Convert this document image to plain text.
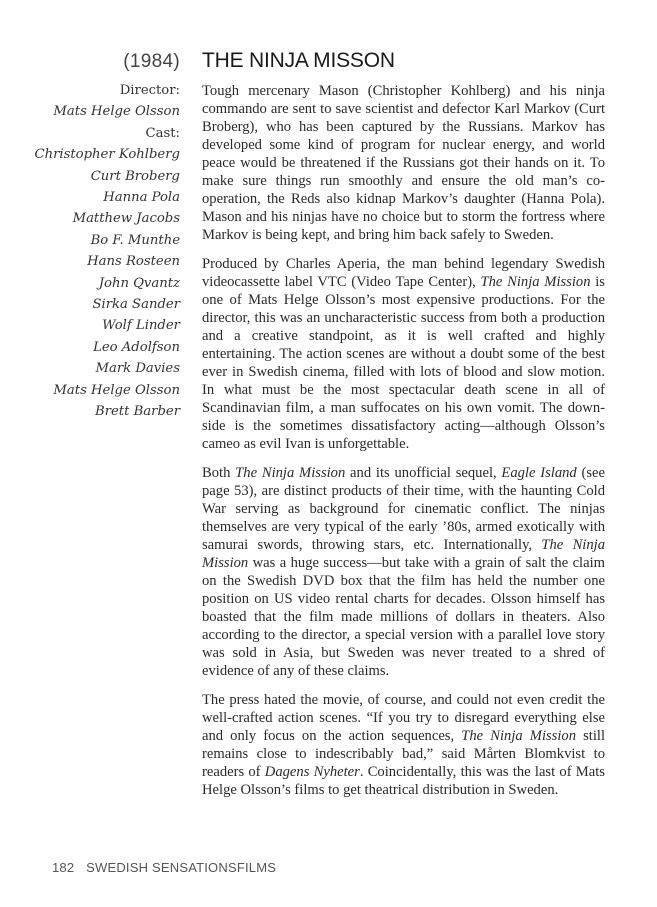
(1984)
Director:
Mats Helge Olsson
Cast:
Christopher Kohlberg
Curt Broberg
Hanna Pola
Matthew Jacobs
Bo F. Munthe
Hans Rosteen
John Qvantz
Sirka Sander
Wolf Linder
Leo Adolfson
Mark Davies
Mats Helge Olsson
Brett Barber
THE NINJA MISSON

Tough mercenary Mason (Christopher Kohlberg) and his ninja commando are sent to save scientist and defector Karl Markov (Curt Broberg), who has been captured by the Russians. Markov has developed some kind of program for nuclear energy, and world peace would be threatened if the Russians got their hands on it. To make sure things run smoothly and ensure the old man’s co-operation, the Reds also kidnap Markov’s daughter (Hanna Pola). Mason and his ninjas have no choice but to storm the fortress where Markov is being kept, and bring him back safely to Sweden.

Produced by Charles Aperia, the man behind legendary Swedish videocassette label VTC (Video Tape Center), The Ninja Mission is one of Mats Helge Olsson’s most expensive productions. For the director, this was an uncharacteristic success from both a production and a creative standpoint, as it is well crafted and highly entertaining. The action scenes are without a doubt some of the best ever in Swedish cinema, filled with lots of blood and slow motion. In what must be the most spectacular death scene in all of Scandinavian film, a man suffocates on his own vomit. The downside is the sometimes dissatisfactory acting—although Olsson’s cameo as evil Ivan is unforgettable.

Both The Ninja Mission and its unofficial sequel, Eagle Island (see page 53), are distinct products of their time, with the haunting Cold War serving as background for cinematic conflict. The ninjas themselves are very typical of the early ’80s, armed exotically with samurai swords, throwing stars, etc. Internationally, The Ninja Mission was a huge success—but take with a grain of salt the claim on the Swedish DVD box that the film has held the number one position on US video rental charts for decades. Olsson himself has boasted that the film made millions of dollars in theaters. Also according to the director, a special version with a parallel love story was sold in Asia, but Sweden was never treated to a shred of evidence of any of these claims.

The press hated the movie, of course, and could not even credit the well-crafted action scenes. “If you try to disregard everything else and only focus on the action sequences, The Ninja Mission still remains close to indescribably bad,” said Mårten Blomkvist to readers of Dagens Nyheter. Coincidentally, this was the last of Mats Helge Olsson’s films to get theatrical distribution in Sweden.

182 SWEDISH SENSATIONSFILMS
